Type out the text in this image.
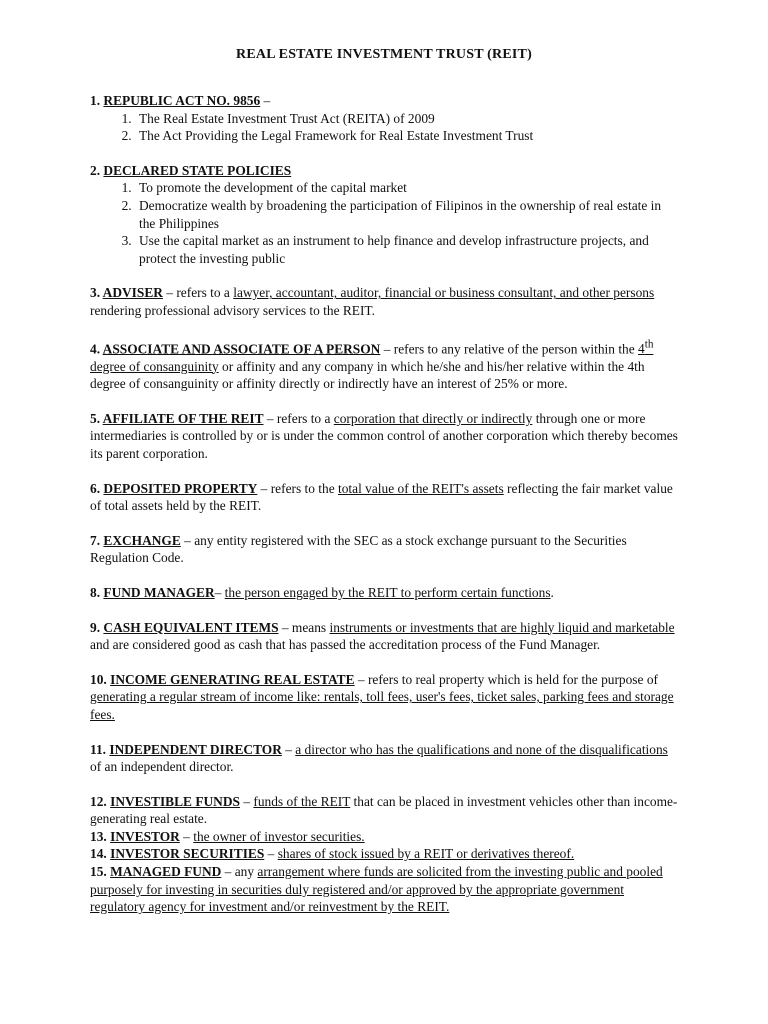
REAL ESTATE INVESTMENT TRUST (REIT)

1. REPUBLIC ACT NO. 9856 –

1. The Real Estate Investment Trust Act (REITA) of 2009
2. The Act Providing the Legal Framework for Real Estate Investment Trust

2. DECLARED STATE POLICIES

1. To promote the development of the capital market
2. Democratize wealth by broadening the participation of Filipinos in the ownership of real estate in the Philippines
3. Use the capital market as an instrument to help finance and develop infrastructure projects, and protect the investing public

3. ADVISER – refers to a lawyer, accountant, auditor, financial or business consultant, and other persons rendering professional advisory services to the REIT.

4. ASSOCIATE AND ASSOCIATE OF A PERSON – refers to any relative of the person within the 4th degree of consanguinity or affinity and any company in which he/she and his/her relative within the 4th degree of consanguinity or affinity directly or indirectly have an interest of 25% or more.

5. AFFILIATE OF THE REIT – refers to a corporation that directly or indirectly through one or more intermediaries is controlled by or is under the common control of another corporation which thereby becomes its parent corporation.

6. DEPOSITED PROPERTY – refers to the total value of the REIT's assets reflecting the fair market value of total assets held by the REIT.

7. EXCHANGE – any entity registered with the SEC as a stock exchange pursuant to the Securities Regulation Code.

8. FUND MANAGER– the person engaged by the REIT to perform certain functions.

9. CASH EQUIVALENT ITEMS – means instruments or investments that are highly liquid and marketable and are considered good as cash that has passed the accreditation process of the Fund Manager.

10. INCOME GENERATING REAL ESTATE – refers to real property which is held for the purpose of generating a regular stream of income like: rentals, toll fees, user's fees, ticket sales, parking fees and storage fees.

11. INDEPENDENT DIRECTOR – a director who has the qualifications and none of the disqualifications of an independent director.

12. INVESTIBLE FUNDS – funds of the REIT that can be placed in investment vehicles other than income-generating real estate.

13. INVESTOR – the owner of investor securities.

14. INVESTOR SECURITIES – shares of stock issued by a REIT or derivatives thereof.

15. MANAGED FUND – any arrangement where funds are solicited from the investing public and pooled purposely for investing in securities duly registered and/or approved by the appropriate government regulatory agency for investment and/or reinvestment by the REIT.
